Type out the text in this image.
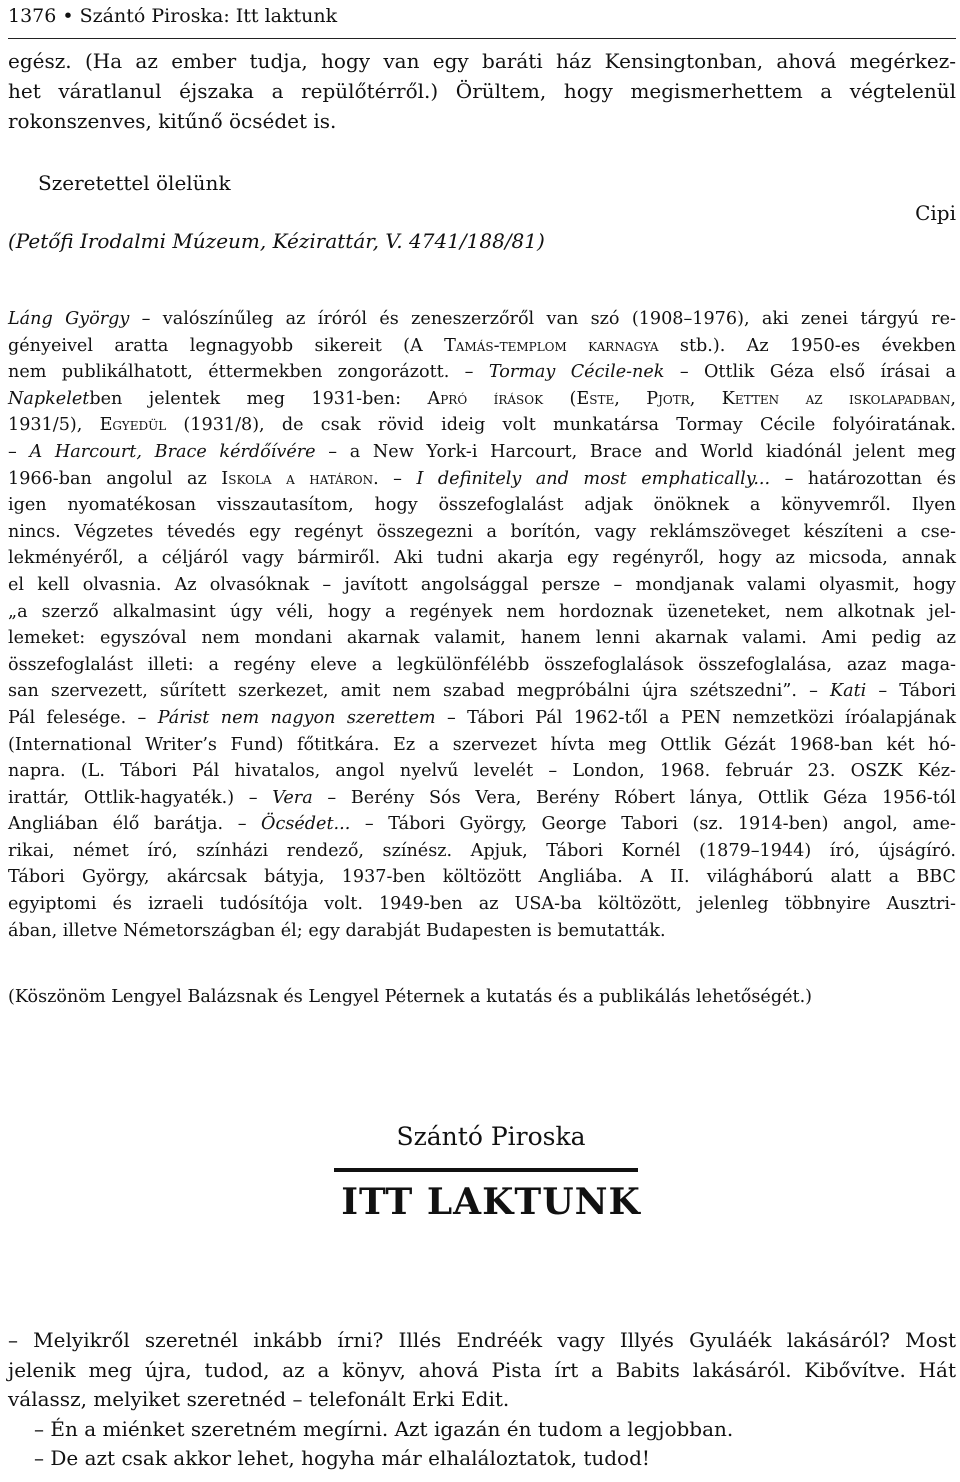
1376 • Szántó Piroska: Itt laktunk

egész. (Ha az ember tudja, hogy van egy baráti ház Kensingtonban, ahová megérkez-

het váratlanul éjszaka a repülőtérről.) Örültem, hogy megismerhettem a végtelenül

rokonszenves, kitűnő öcsédet is.

Szeretettel ölelünk
Cipi
(Petőfi Irodalmi Múzeum, Kézirattár, V. 4741/188/81)

Láng György – valószínűleg az íróról és zeneszerzőről van szó (1908–1976), aki zenei tárgyú re-

gényeivel aratta legnagyobb sikereit (A Tamás-templom karnagya stb.). Az 1950-es években

nem publikálhatott, éttermekben zongorázott. – Tormay Cécile-nek – Ottlik Géza első írásai a

Napkeletben jelentek meg 1931-ben: Apró írások (Este, Pjotr, Ketten az iskolapadban,

1931/5), Egyedül (1931/8), de csak rövid ideig volt munkatársa Tormay Cécile folyóiratának.

– A Harcourt, Brace kérdőívére – a New York-i Harcourt, Brace and World kiadónál jelent meg

1966-ban angolul az Iskola a határon. – I definitely and most emphatically... – határozottan és

igen nyomatékosan visszautasítom, hogy összefoglalást adjak önöknek a könyvemről. Ilyen

nincs. Végzetes tévedés egy regényt összegezni a borítón, vagy reklámszöveget készíteni a cse-

lekményéről, a céljáról vagy bármiről. Aki tudni akarja egy regényről, hogy az micsoda, annak

el kell olvasnia. Az olvasóknak – javított angolsággal persze – mondjanak valami olyasmit, hogy

„a szerző alkalmasint úgy véli, hogy a regények nem hordoznak üzeneteket, nem alkotnak jel-

lemeket: egyszóval nem mondani akarnak valamit, hanem lenni akarnak valami. Ami pedig az

összefoglalást illeti: a regény eleve a legkülönfélébb összefoglalások összefoglalása, azaz maga-

san szervezett, sűrített szerkezet, amit nem szabad megpróbálni újra szétszedni”. – Kati – Tábori

Pál felesége. – Párist nem nagyon szerettem – Tábori Pál 1962-től a PEN nemzetközi íróalapjának

(International Writer’s Fund) főtitkára. Ez a szervezet hívta meg Ottlik Gézát 1968-ban két hó-

napra. (L. Tábori Pál hivatalos, angol nyelvű levelét – London, 1968. február 23. OSZK Kéz-

irattár, Ottlik-hagyaték.) – Vera – Berény Sós Vera, Berény Róbert lánya, Ottlik Géza 1956-tól

Angliában élő barátja. – Öcsédet... – Tábori György, George Tabori (sz. 1914-ben) angol, ame-

rikai, német író, színházi rendező, színész. Apjuk, Tábori Kornél (1879–1944) író, újságíró.

Tábori György, akárcsak bátyja, 1937-ben költözött Angliába. A II. világháború alatt a BBC

egyiptomi és izraeli tudósítója volt. 1949-ben az USA-ba költözött, jelenleg többnyire Ausztri-

ában, illetve Németországban él; egy darabját Budapesten is bemutatták.

(Köszönöm Lengyel Balázsnak és Lengyel Péternek a kutatás és a publikálás lehetőségét.)
Szántó Piroska
ITT LAKTUNK

– Melyikről szeretnél inkább írni? Illés Endréék vagy Illyés Gyuláék lakásáról? Most

jelenik meg újra, tudod, az a könyv, ahová Pista írt a Babits lakásáról. Kibővítve. Hát

válassz, melyiket szeretnéd – telefonált Erki Edit.

– Én a miénket szeretném megírni. Azt igazán én tudom a legjobban.

– De azt csak akkor lehet, hogyha már elhaláloztatok, tudod!
